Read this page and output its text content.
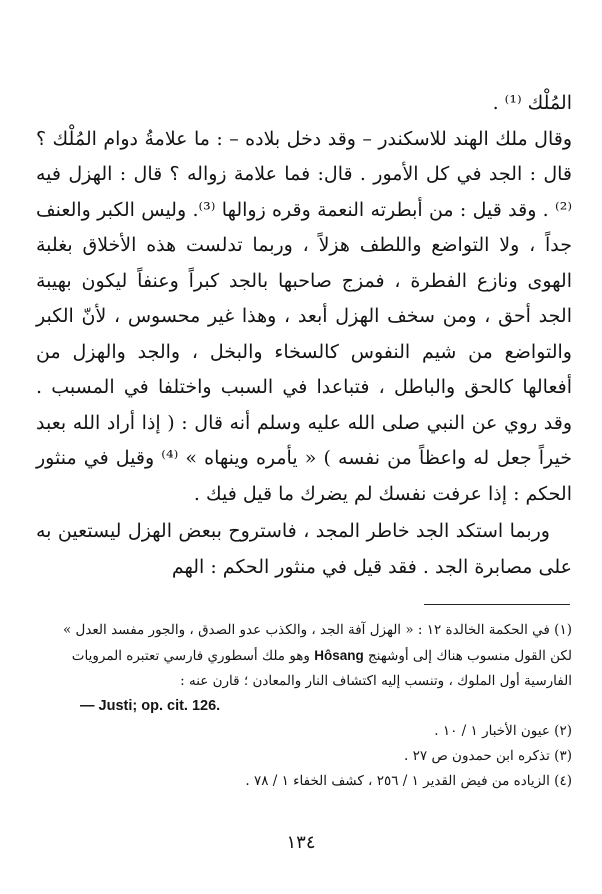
المُلْك ⁽¹⁾ .

وقال ملك الهند للاسكندر – وقد دخل بلاده – : ما علامةُ دوام المُلْك ؟ قال : الجد في كل الأمور . قال: فما علامة زواله ؟ قال : الهزل فيه ⁽²⁾ . وقد قيل : من أبطرته النعمة وقره زوالها ⁽³⁾. وليس الكبر والعنف جداً ، ولا التواضع واللطف هزلاً ، وربما تدلست هذه الأخلاق بغلبة الهوى ونازع الفطرة ، فمزج صاحبها بالجد كبراً وعنفاً ليكون بهيبة الجد أحق ، ومن سخف الهزل أبعد ، وهذا غير محسوس ، لأنّ الكبر والتواضع من شيم النفوس كالسخاء والبخل ، والجد والهزل من أفعالها كالحق والباطل ، فتباعدا في السبب واختلفا في المسبب . وقد روي عن النبي صلى الله عليه وسلم أنه قال : ( إذا أراد الله بعبد خيراً جعل له واعظاً من نفسه ) « يأمره وينهاه » ⁽⁴⁾ وقيل في منثور الحكم : إذا عرفت نفسك لم يضرك ما قيل فيك .

وربما استكد الجد خاطر المجد ، فاستروح ببعض الهزل ليستعين به على مصابرة الجد . فقد قيل في منثور الحكم : الهم

(١) في الحكمة الخالدة ١٢ : « الهزل آفة الجد ، والكذب عدو الصدق ، والجور مفسد العدل » لكن القول منسوب هناك إلى أوشهنج Hôsang وهو ملك أسطوري فارسي تعتبره المرويات الفارسية أول الملوك ، وتنسب إليه اكتشاف النار والمعادن ؛ قارن عنه :

— Justi; op. cit. 126.

(٢) عيون الأخبار ١ / ١٠ .

(٣) تذكره ابن حمدون ص ٢٧ .

(٤) الزياده من فيض القدير ١ / ٢٥٦ ، كشف الخفاء ١ / ٧٨ .

١٣٤
